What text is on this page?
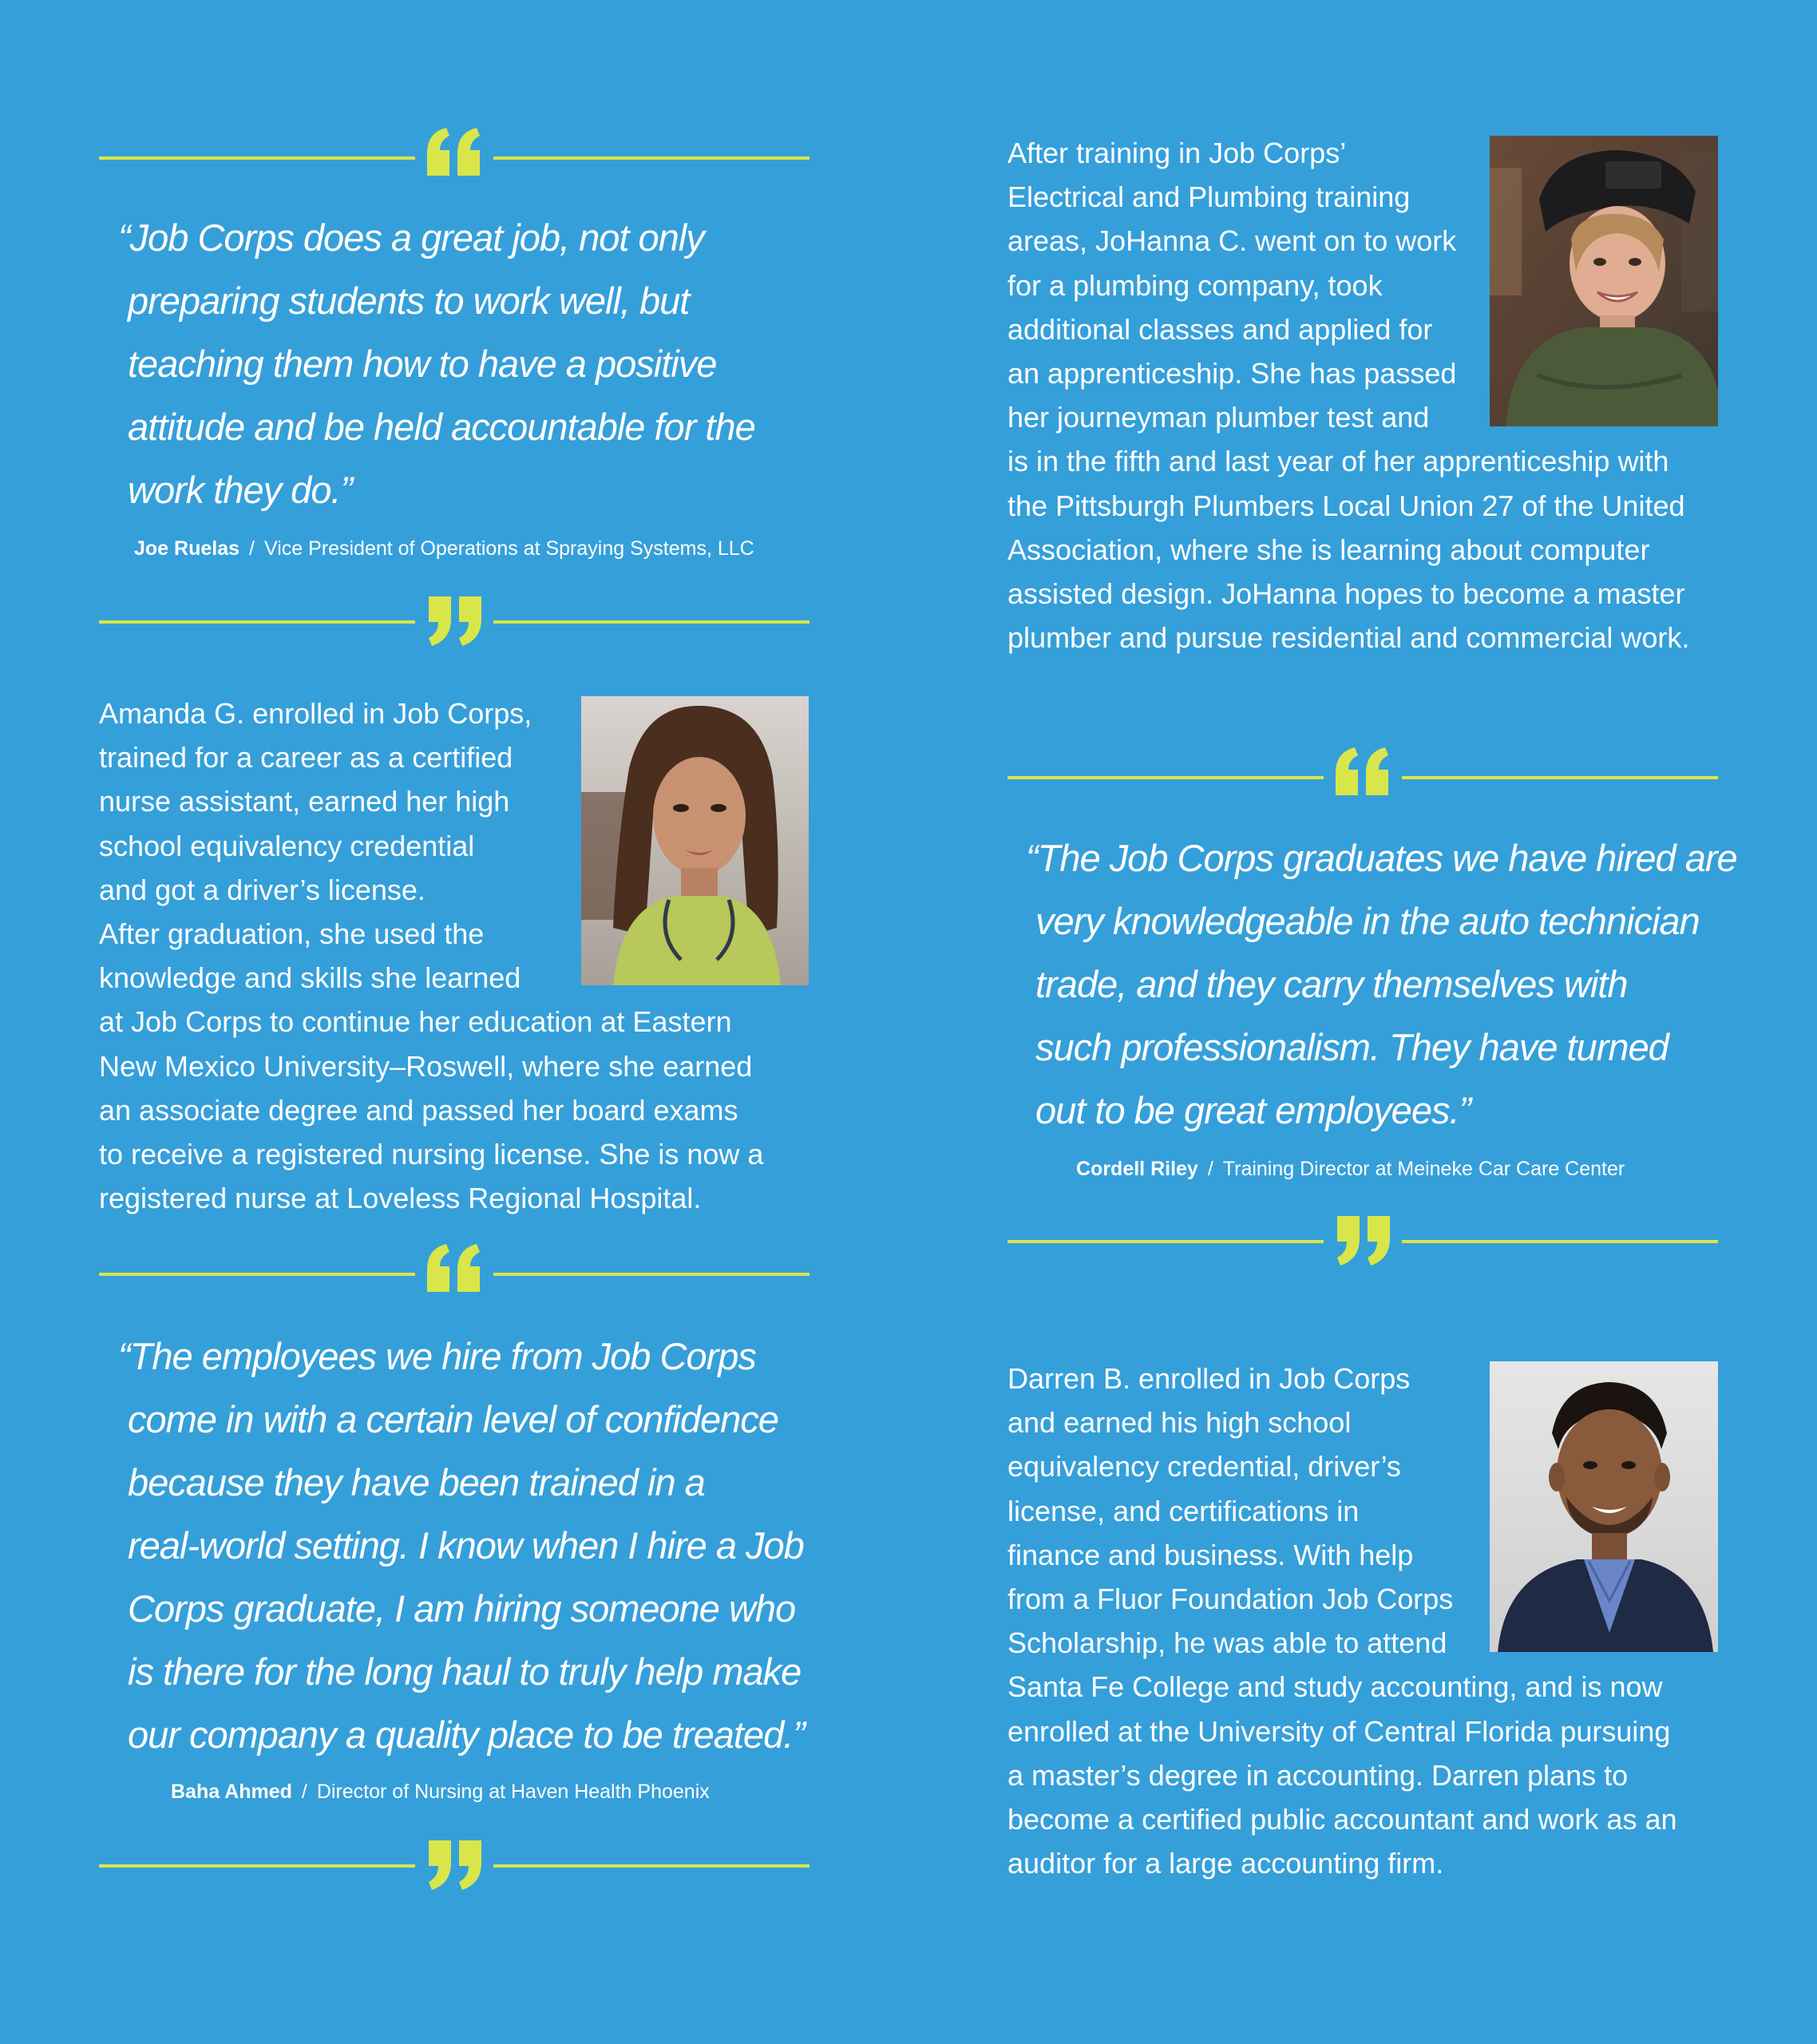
“Job Corps does a great job, not only
preparing students to work well, but
teaching them how to have a positive
attitude and be held accountable for the
work they do.”
Joe Ruelas / Vice President of Operations at Spraying Systems, LLC
Amanda G. enrolled in Job Corps,
trained for a career as a certified
nurse assistant, earned her high
school equivalency credential
and got a driver’s license.
After graduation, she used the
knowledge and skills she learned
at Job Corps to continue her education at Eastern
New Mexico University–Roswell, where she earned
an associate degree and passed her board exams
to receive a registered nursing license. She is now a
registered nurse at Loveless Regional Hospital.
“The employees we hire from Job Corps
come in with a certain level of confidence
because they have been trained in a
real-world setting. I know when I hire a Job
Corps graduate, I am hiring someone who
is there for the long haul to truly help make
our company a quality place to be treated.”
Baha Ahmed / Director of Nursing at Haven Health Phoenix
After training in Job Corps’
Electrical and Plumbing training
areas, JoHanna C. went on to work
for a plumbing company, took
additional classes and applied for
an apprenticeship. She has passed
her journeyman plumber test and
is in the fifth and last year of her apprenticeship with
the Pittsburgh Plumbers Local Union 27 of the United
Association, where she is learning about computer
assisted design. JoHanna hopes to become a master
plumber and pursue residential and commercial work.
“The Job Corps graduates we have hired are
very knowledgeable in the auto technician
trade, and they carry themselves with
such professionalism. They have turned
out to be great employees.”
Cordell Riley / Training Director at Meineke Car Care Center
Darren B. enrolled in Job Corps
and earned his high school
equivalency credential, driver’s
license, and certifications in
finance and business. With help
from a Fluor Foundation Job Corps
Scholarship, he was able to attend
Santa Fe College and study accounting, and is now
enrolled at the University of Central Florida pursuing
a master’s degree in accounting. Darren plans to
become a certified public accountant and work as an
auditor for a large accounting firm.
